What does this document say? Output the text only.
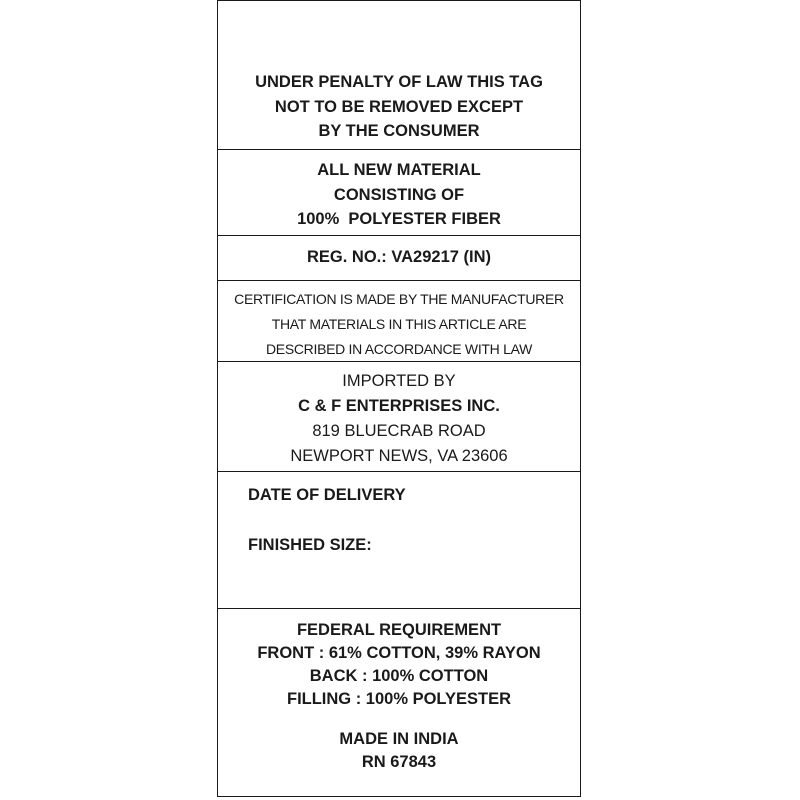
UNDER PENALTY OF LAW THIS TAG
NOT TO BE REMOVED EXCEPT
BY THE CONSUMER
ALL NEW MATERIAL
CONSISTING OF
100%  POLYESTER FIBER
REG. NO.: VA29217 (IN)
CERTIFICATION IS MADE BY THE MANUFACTURER
THAT MATERIALS IN THIS ARTICLE ARE
DESCRIBED IN ACCORDANCE WITH LAW
IMPORTED BY
C & F ENTERPRISES INC.
819 BLUECRAB ROAD
NEWPORT NEWS, VA 23606
DATE OF DELIVERY
FINISHED SIZE:
FEDERAL REQUIREMENT
FRONT : 61% COTTON, 39% RAYON
BACK : 100% COTTON
FILLING : 100% POLYESTER
MADE IN INDIA
RN 67843
